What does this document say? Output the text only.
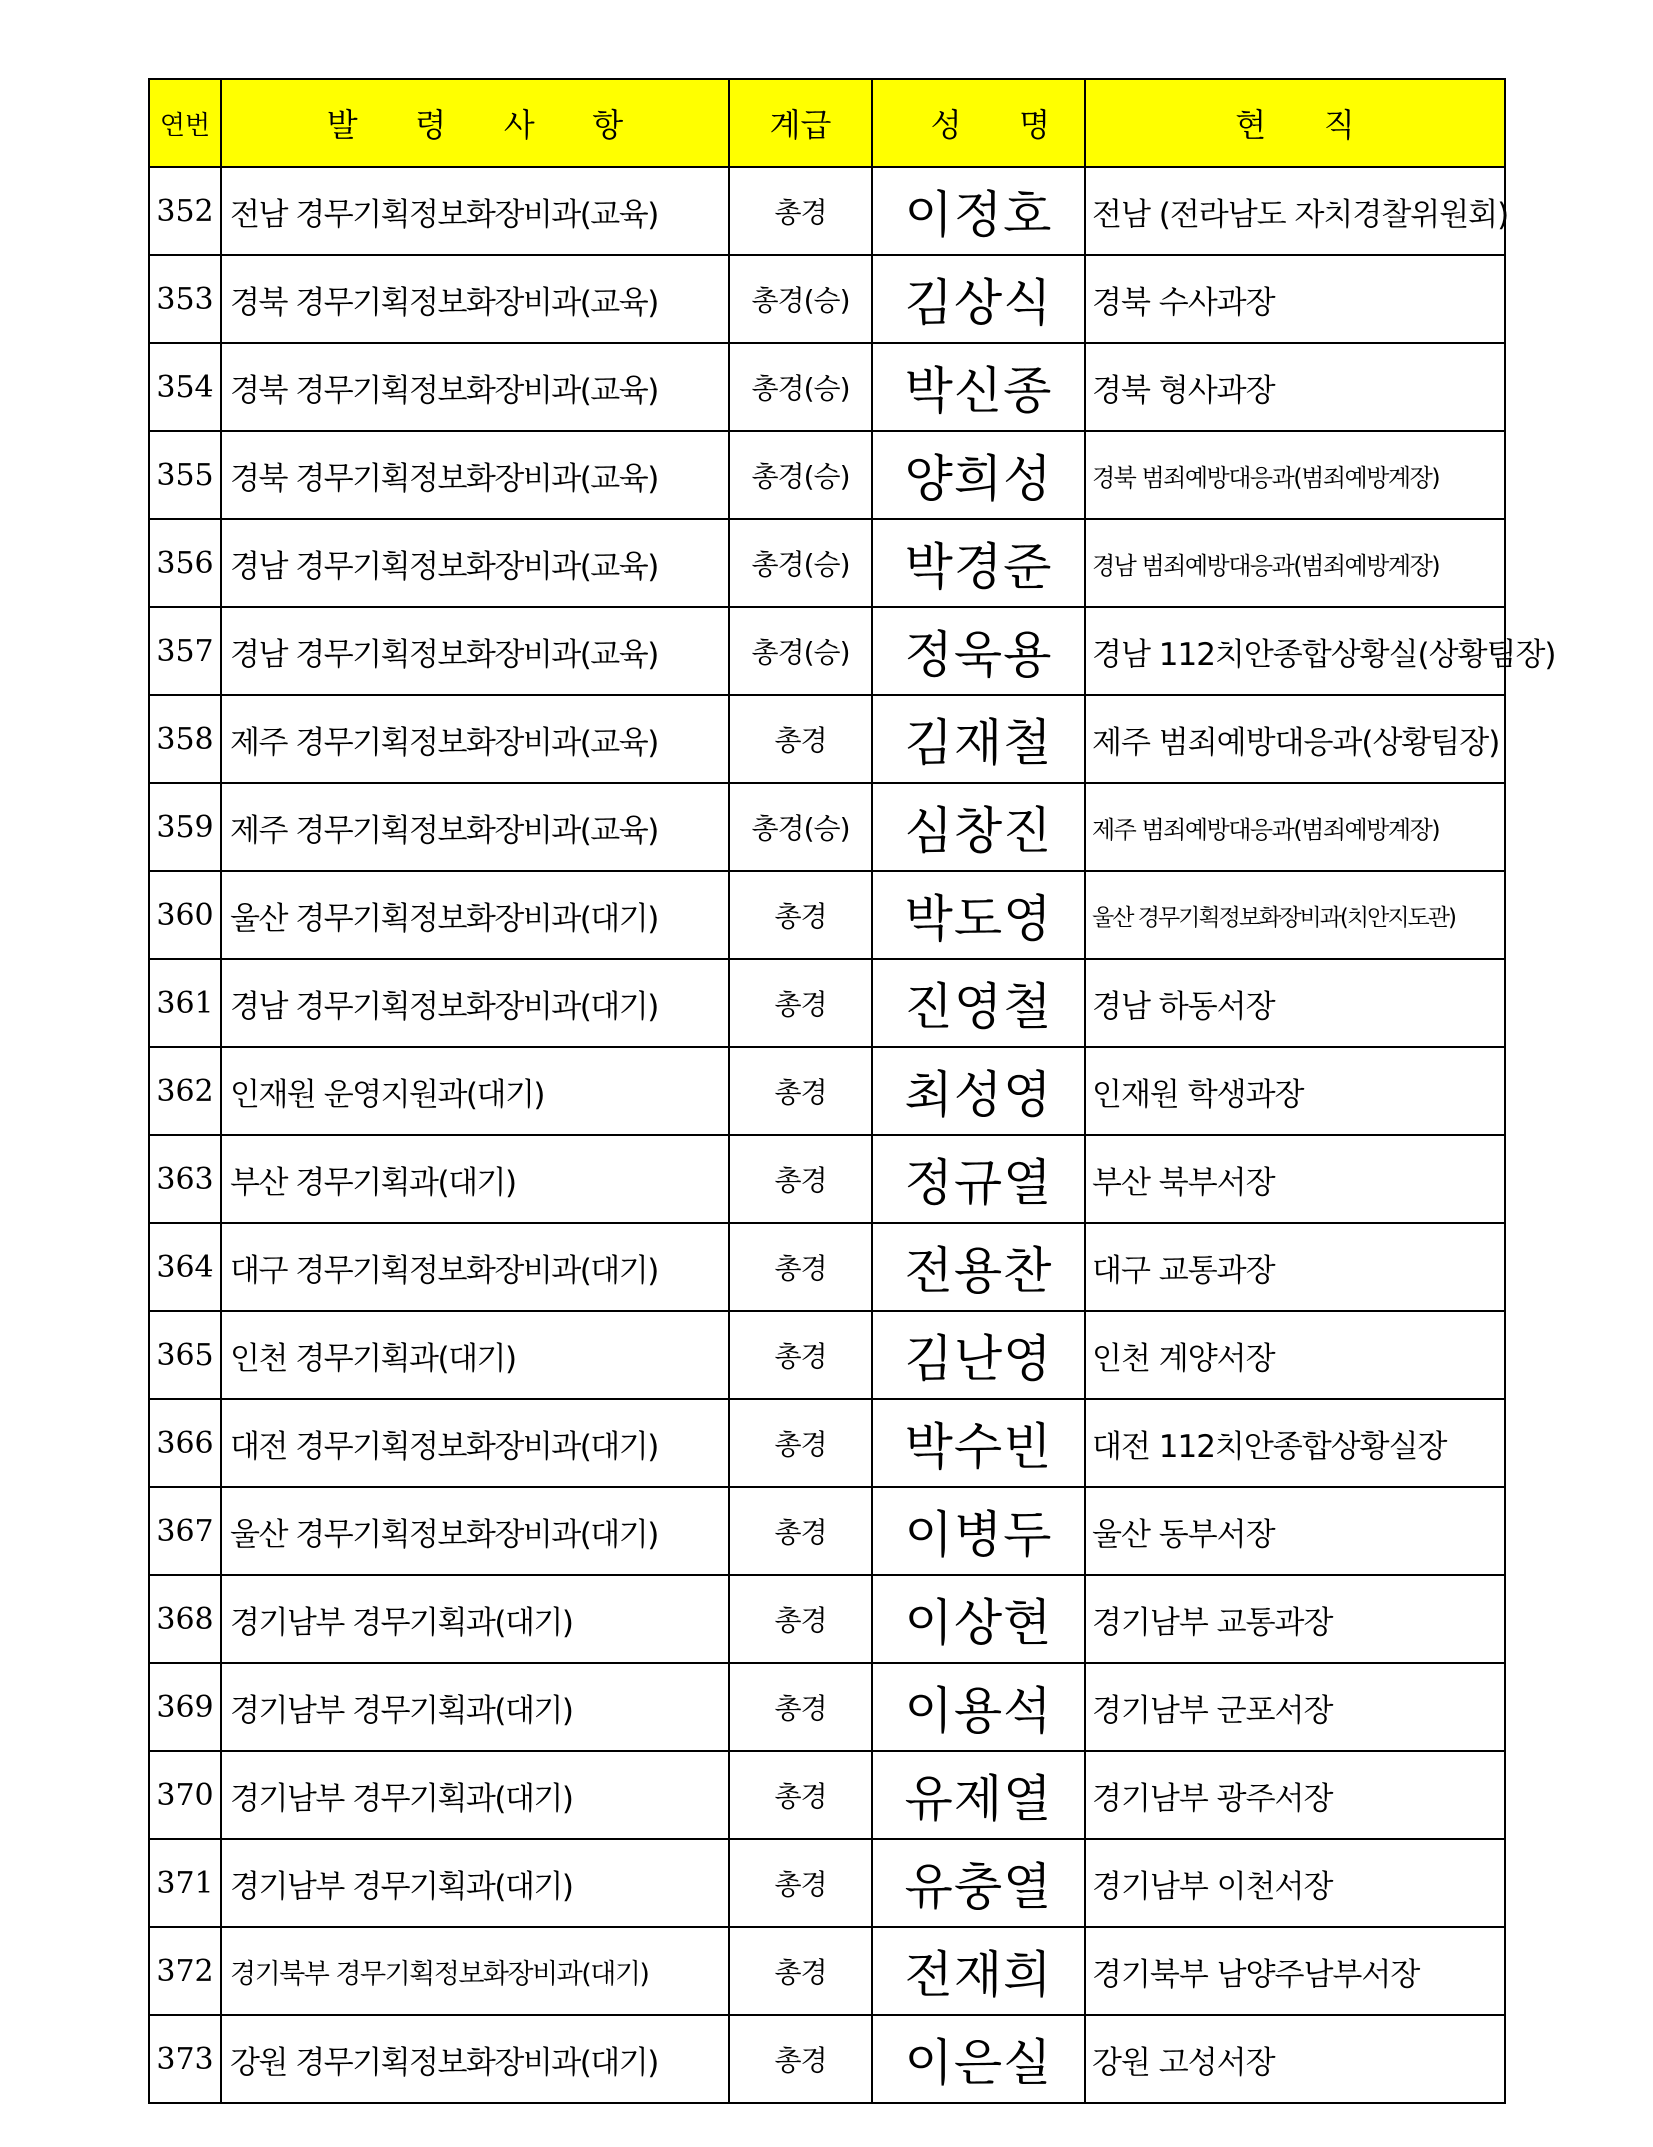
연번	발령사항	계급	성명	현직
352	전남 경무기획정보화장비과(교육)	총경	이정호	전남 (전라남도 자치경찰위원회)
353	경북 경무기획정보화장비과(교육)	총경(승)	김상식	경북 수사과장
354	경북 경무기획정보화장비과(교육)	총경(승)	박신종	경북 형사과장
355	경북 경무기획정보화장비과(교육)	총경(승)	양희성	경북 범죄예방대응과(범죄예방계장)
356	경남 경무기획정보화장비과(교육)	총경(승)	박경준	경남 범죄예방대응과(범죄예방계장)
357	경남 경무기획정보화장비과(교육)	총경(승)	정욱용	경남 112치안종합상황실(상황팀장)
358	제주 경무기획정보화장비과(교육)	총경	김재철	제주 범죄예방대응과(상황팀장)
359	제주 경무기획정보화장비과(교육)	총경(승)	심창진	제주 범죄예방대응과(범죄예방계장)
360	울산 경무기획정보화장비과(대기)	총경	박도영	울산 경무기획정보화장비과(치안지도관)
361	경남 경무기획정보화장비과(대기)	총경	진영철	경남 하동서장
362	인재원 운영지원과(대기)	총경	최성영	인재원 학생과장
363	부산 경무기획과(대기)	총경	정규열	부산 북부서장
364	대구 경무기획정보화장비과(대기)	총경	전용찬	대구 교통과장
365	인천 경무기획과(대기)	총경	김난영	인천 계양서장
366	대전 경무기획정보화장비과(대기)	총경	박수빈	대전 112치안종합상황실장
367	울산 경무기획정보화장비과(대기)	총경	이병두	울산 동부서장
368	경기남부 경무기획과(대기)	총경	이상현	경기남부 교통과장
369	경기남부 경무기획과(대기)	총경	이용석	경기남부 군포서장
370	경기남부 경무기획과(대기)	총경	유제열	경기남부 광주서장
371	경기남부 경무기획과(대기)	총경	유충열	경기남부 이천서장
372	경기북부 경무기획정보화장비과(대기)	총경	전재희	경기북부 남양주남부서장
373	강원 경무기획정보화장비과(대기)	총경	이은실	강원 고성서장
